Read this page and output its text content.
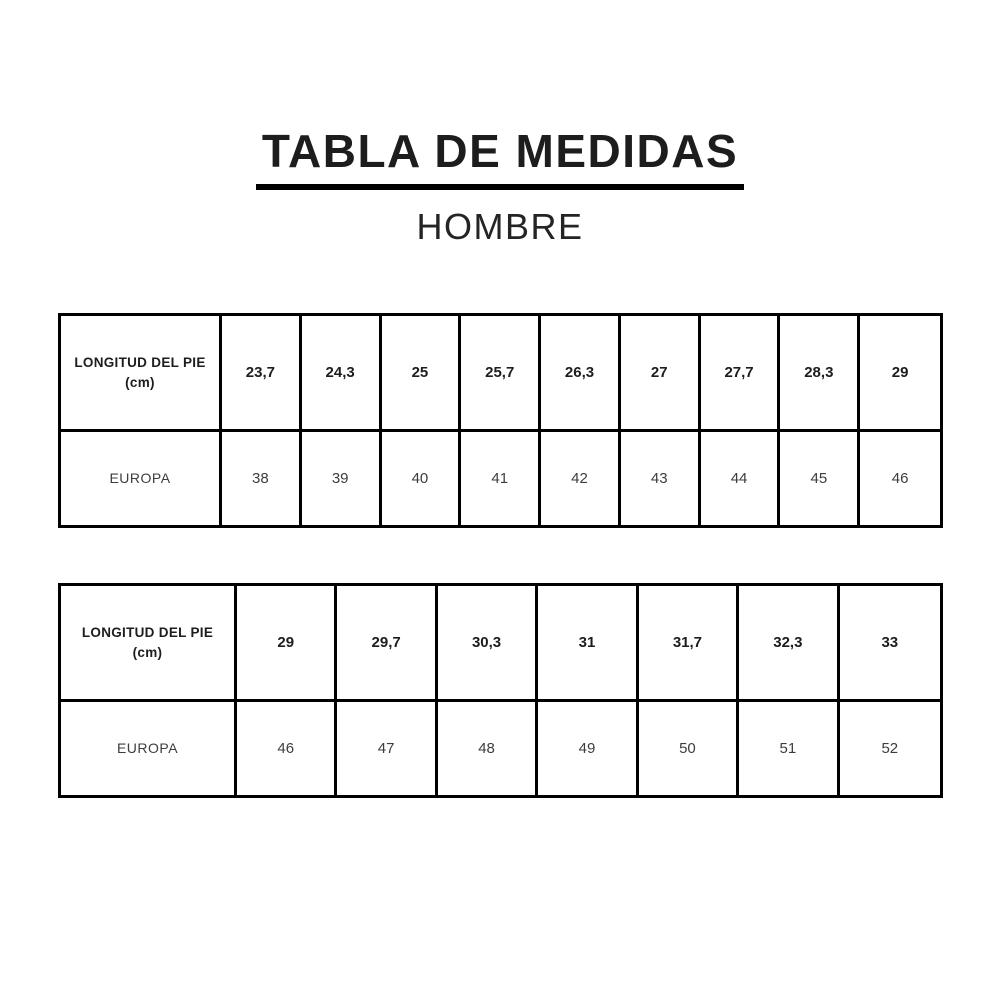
TABLA DE MEDIDAS
HOMBRE
LONGITUD DEL PIE
(cm)
23,7	24,3	25	25,7	26,3	27	27,7	28,3	29
EUROPA	38	39	40	41	42	43	44	45	46
LONGITUD DEL PIE
(cm)
29	29,7	30,3	31	31,7	32,3	33
EUROPA	46	47	48	49	50	51	52
